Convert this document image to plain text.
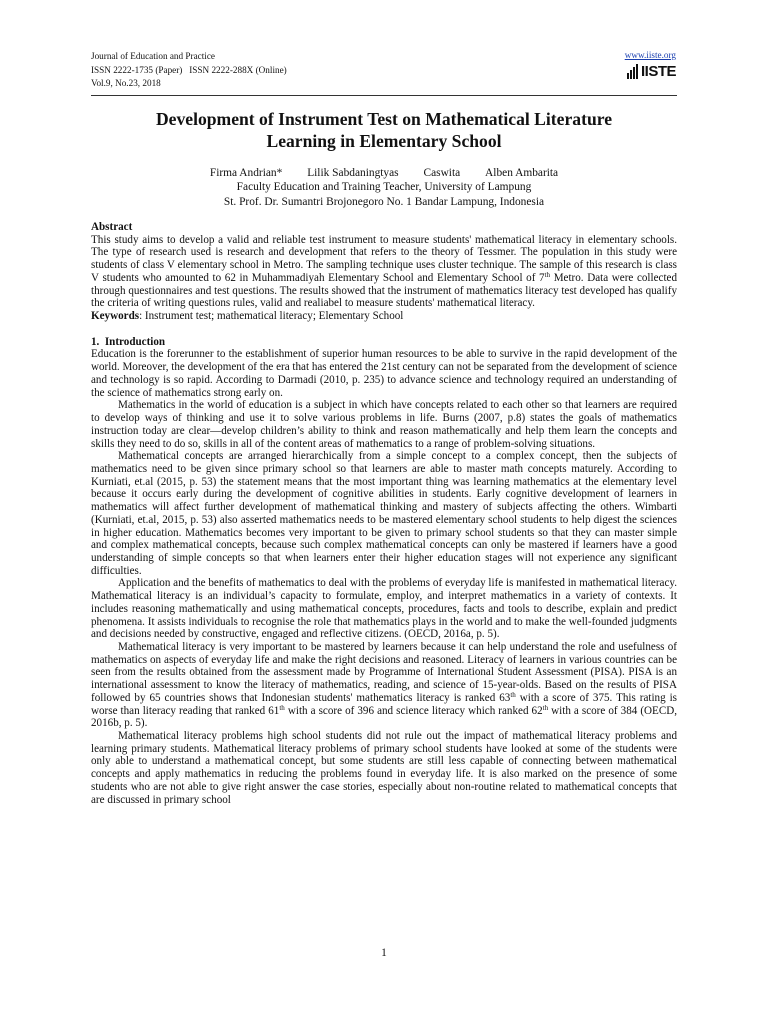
Journal of Education and Practice
ISSN 2222-1735 (Paper)   ISSN 2222-288X (Online)
Vol.9, No.23, 2018
www.iiste.org
IISTE
Development of Instrument Test on Mathematical Literature
Learning in Elementary School
Firma Andrian* Lilik Sabdaningtyas Caswita Alben Ambarita
Faculty Education and Training Teacher, University of Lampung
St. Prof. Dr. Sumantri Brojonegoro No. 1 Bandar Lampung, Indonesia

Abstract

This study aims to develop a valid and reliable test instrument to measure students' mathematical literacy in elementary schools. The type of research used is research and development that refers to the theory of Tessmer. The population in this study were students of class V elementary school in Metro. The sampling technique uses cluster technique. The sample of this research is class V students who amounted to 62 in Muhammadiyah Elementary School and Elementary School of 7th Metro. Data were collected through questionnaires and test questions. The results showed that the instrument of mathematics literacy test developed has qualify the criteria of writing questions rules, valid and realiabel to measure students' mathematical literacy.

Keywords: Instrument test; mathematical literacy; Elementary School

1.  Introduction

Education is the forerunner to the establishment of superior human resources to be able to survive in the rapid development of the world. Moreover, the development of the era that has entered the 21st century can not be separated from the development of science and technology is so rapid. According to Darmadi (2010, p. 235) to advance science and technology required an understanding of the science of mathematics strong early on.

Mathematics in the world of education is a subject in which have concepts related to each other so that learners are required to develop ways of thinking and use it to solve various problems in life. Burns (2007, p.8) states the goals of mathematics instruction today are clear—develop children’s ability to think and reason mathematically and help them learn the concepts and skills they need to do so, skills in all of the content areas of mathematics to a range of problem-solving situations.

Mathematical concepts are arranged hierarchically from a simple concept to a complex concept, then the subjects of mathematics need to be given since primary school so that learners are able to master math concepts maturely. According to Kurniati, et.al (2015, p. 53) the statement means that the most important thing was learning mathematics at the elementary level because it occurs early during the development of cognitive abilities in students. Early cognitive development of learners in mathematics will affect further development of mathematical thinking and mastery of subjects affecting the others. Wimbarti (Kurniati, et.al, 2015, p. 53) also asserted mathematics needs to be mastered elementary school students to help digest the sciences in higher education. Mathematics becomes very important to be given to primary school students so that they can master simple and complex mathematical concepts, because such complex mathematical concepts can only be mastered if learners have a good understanding of simple concepts so that when learners enter their higher education stages will not experience any significant difficulties.

Application and the benefits of mathematics to deal with the problems of everyday life is manifested in mathematical literacy. Mathematical literacy is an individual’s capacity to formulate, employ, and interpret mathematics in a variety of contexts. It includes reasoning mathematically and using mathematical concepts, procedures, facts and tools to describe, explain and predict phenomena. It assists individuals to recognise the role that mathematics plays in the world and to make the well-founded judgments and decisions needed by constructive, engaged and reflective citizens. (OECD, 2016a, p. 5).

Mathematical literacy is very important to be mastered by learners because it can help understand the role and usefulness of mathematics on aspects of everyday life and make the right decisions and reasoned. Literacy of learners in various countries can be seen from the results obtained from the assessment made by Programme of International Student Assessment (PISA). PISA is an international assessment to know the literacy of mathematics, reading, and science of 15-year-olds. Based on the results of PISA followed by 65 countries shows that Indonesian students' mathematics literacy is ranked 63th with a score of 375. This rating is worse than literacy reading that ranked 61th with a score of 396 and science literacy which ranked 62th with a score of 384 (OECD, 2016b, p. 5).

Mathematical literacy problems high school students did not rule out the impact of mathematical literacy problems and learning primary students. Mathematical literacy problems of primary school students have looked at some of the students were only able to understand a mathematical concept, but some students are still less capable of connecting between mathematical concepts and apply mathematics in reducing the problems found in everyday life. It is also marked on the presence of some students who are not able to give right answer the case stories, especially about non-routine related to mathematical concepts that are discussed in primary school

1
